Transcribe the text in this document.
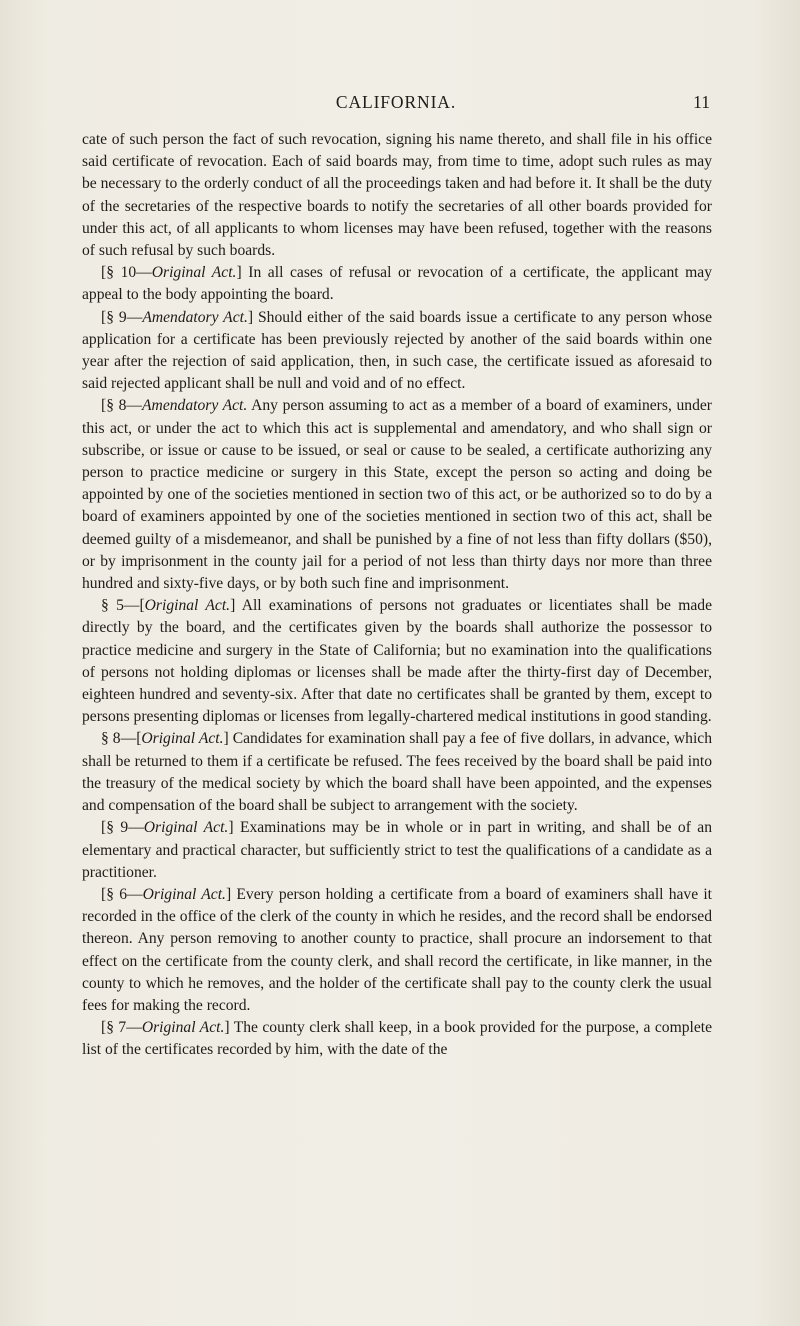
CALIFORNIA.	11

cate of such person the fact of such revocation, signing his name thereto, and shall file in his office said certificate of revocation. Each of said boards may, from time to time, adopt such rules as may be necessary to the orderly conduct of all the proceedings taken and had before it. It shall be the duty of the secretaries of the respective boards to notify the secretaries of all other boards provided for under this act, of all applicants to whom licenses may have been refused, together with the reasons of such refusal by such boards.

[§ 10—Original Act.] In all cases of refusal or revocation of a certificate, the applicant may appeal to the body appointing the board.

[§ 9—Amendatory Act.] Should either of the said boards issue a certificate to any person whose application for a certificate has been previously rejected by another of the said boards within one year after the rejection of said application, then, in such case, the certificate issued as aforesaid to said rejected applicant shall be null and void and of no effect.

[§ 8—Amendatory Act. Any person assuming to act as a member of a board of examiners, under this act, or under the act to which this act is supplemental and amendatory, and who shall sign or subscribe, or issue or cause to be issued, or seal or cause to be sealed, a certificate authorizing any person to practice medicine or surgery in this State, except the person so acting and doing be appointed by one of the societies mentioned in section two of this act, or be authorized so to do by a board of examiners appointed by one of the societies mentioned in section two of this act, shall be deemed guilty of a misdemeanor, and shall be punished by a fine of not less than fifty dollars ($50), or by imprisonment in the county jail for a period of not less than thirty days nor more than three hundred and sixty-five days, or by both such fine and imprisonment.

§ 5—[Original Act.] All examinations of persons not graduates or licentiates shall be made directly by the board, and the certificates given by the boards shall authorize the possessor to practice medicine and surgery in the State of California; but no examination into the qualifications of persons not holding diplomas or licenses shall be made after the thirty-first day of December, eighteen hundred and seventy-six. After that date no certificates shall be granted by them, except to persons presenting diplomas or licenses from legally-chartered medical institutions in good standing.

§ 8—[Original Act.] Candidates for examination shall pay a fee of five dollars, in advance, which shall be returned to them if a certificate be refused. The fees received by the board shall be paid into the treasury of the medical society by which the board shall have been appointed, and the expenses and compensation of the board shall be subject to arrangement with the society.

[§ 9—Original Act.] Examinations may be in whole or in part in writing, and shall be of an elementary and practical character, but sufficiently strict to test the qualifications of a candidate as a practitioner.

[§ 6—Original Act.] Every person holding a certificate from a board of examiners shall have it recorded in the office of the clerk of the county in which he resides, and the record shall be endorsed thereon. Any person removing to another county to practice, shall procure an indorsement to that effect on the certificate from the county clerk, and shall record the certificate, in like manner, in the county to which he removes, and the holder of the certificate shall pay to the county clerk the usual fees for making the record.

[§ 7—Original Act.] The county clerk shall keep, in a book provided for the purpose, a complete list of the certificates recorded by him, with the date of the
